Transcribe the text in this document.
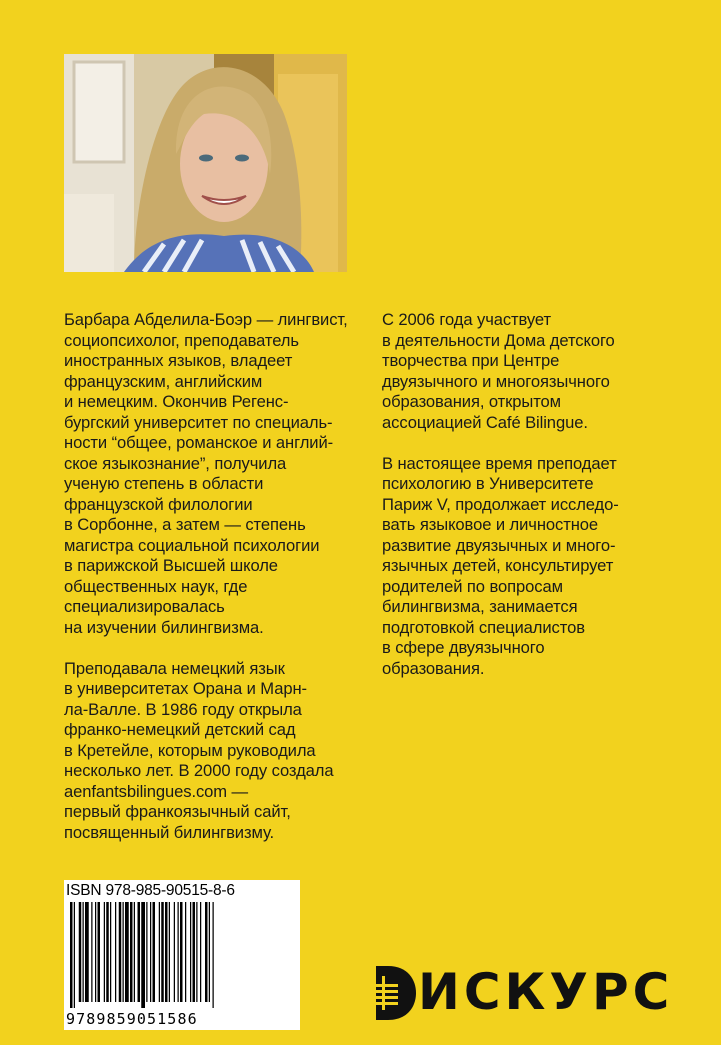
Барбара Абделила-Боэр — лингвист,
социопсихолог, преподаватель
иностранных языков, владеет
французским, английским
и немецким. Окончив Регенс-
бургский университет по специаль-
ности “общее, романское и англий-
ское языкознание”, получила
ученую степень в области
французской филологии
в Сорбонне, а затем — степень
магистра социальной психологии
в парижской Высшей школе
общественных наук, где
специализировалась
на изучении билингвизма.

Преподавала немецкий язык
в университетах Орана и Марн-
ла-Валле. В 1986 году открыла
франко-немецкий детский сад
в Кретейле, которым руководила
несколько лет. В 2000 году создала
aenfantsbilingues.com —
первый франкоязычный сайт,
посвященный билингвизму.

С 2006 года участвует
в деятельности Дома детского
творчества при Центре
двуязычного и многоязычного
образования, открытом
ассоциацией Café Bilingue.

В настоящее время преподает
психологию в Университете
Париж V, продолжает исследо-
вать языковое и личностное
развитие двуязычных и много-
язычных детей, консультирует
родителей по вопросам
билингвизма, занимается
подготовкой специалистов
в сфере двуязычного
образования.

ISBN 978-985-90515-8-6
9789859051586	ИСКУРС
